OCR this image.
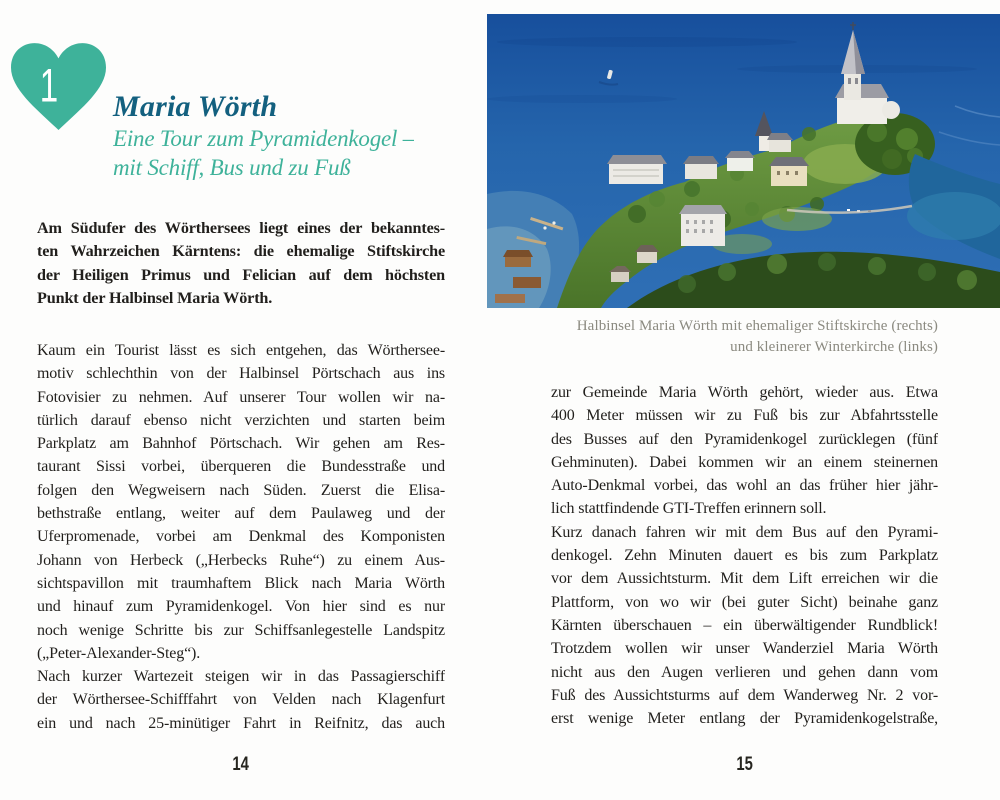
1 Maria Wörth
Eine Tour zum Pyramidenkogel –
mit Schiff, Bus und zu Fuß
Am Südufer des Wörthersees liegt eines der bekanntes-
ten Wahrzeichen Kärntens: die ehemalige Stiftskirche
der Heiligen Primus und Felician auf dem höchsten
Punkt der Halbinsel Maria Wörth.
Kaum ein Tourist lässt es sich entgehen, das Wörthersee-
motiv schlechthin von der Halbinsel Pörtschach aus ins
Fotovisier zu nehmen. Auf unserer Tour wollen wir na-
türlich darauf ebenso nicht verzichten und starten beim
Parkplatz am Bahnhof Pörtschach. Wir gehen am Res-
taurant Sissi vorbei, überqueren die Bundesstraße und
folgen den Wegweisern nach Süden. Zuerst die Elisa-
bethstraße entlang, weiter auf dem Paulaweg und der
Uferpromenade, vorbei am Denkmal des Komponisten
Johann von Herbeck („Herbecks Ruhe“) zu einem Aus-
sichtspavillon mit traumhaftem Blick nach Maria Wörth
und hinauf zum Pyramidenkogel. Von hier sind es nur
noch wenige Schritte bis zur Schiffsanlegestelle Landspitz
(„Peter-Alexander-Steg“).
Nach kurzer Wartezeit steigen wir in das Passagierschiff
der Wörthersee-Schifffahrt von Velden nach Klagenfurt
ein und nach 25-minütiger Fahrt in Reifnitz, das auch
14
Halbinsel Maria Wörth mit ehemaliger Stiftskirche (rechts)
und kleinerer Winterkirche (links)
zur Gemeinde Maria Wörth gehört, wieder aus. Etwa
400 Meter müssen wir zu Fuß bis zur Abfahrtsstelle
des Busses auf den Pyramidenkogel zurücklegen (fünf
Gehminuten). Dabei kommen wir an einem steinernen
Auto-Denkmal vorbei, das wohl an das früher hier jähr-
lich stattfindende GTI-Treffen erinnern soll.
Kurz danach fahren wir mit dem Bus auf den Pyrami-
denkogel. Zehn Minuten dauert es bis zum Parkplatz
vor dem Aussichtsturm. Mit dem Lift erreichen wir die
Plattform, von wo wir (bei guter Sicht) beinahe ganz
Kärnten überschauen – ein überwältigender Rundblick!
Trotzdem wollen wir unser Wanderziel Maria Wörth
nicht aus den Augen verlieren und gehen dann vom
Fuß des Aussichtsturms auf dem Wanderweg Nr. 2 vor-
erst wenige Meter entlang der Pyramidenkogelstraße,
15
